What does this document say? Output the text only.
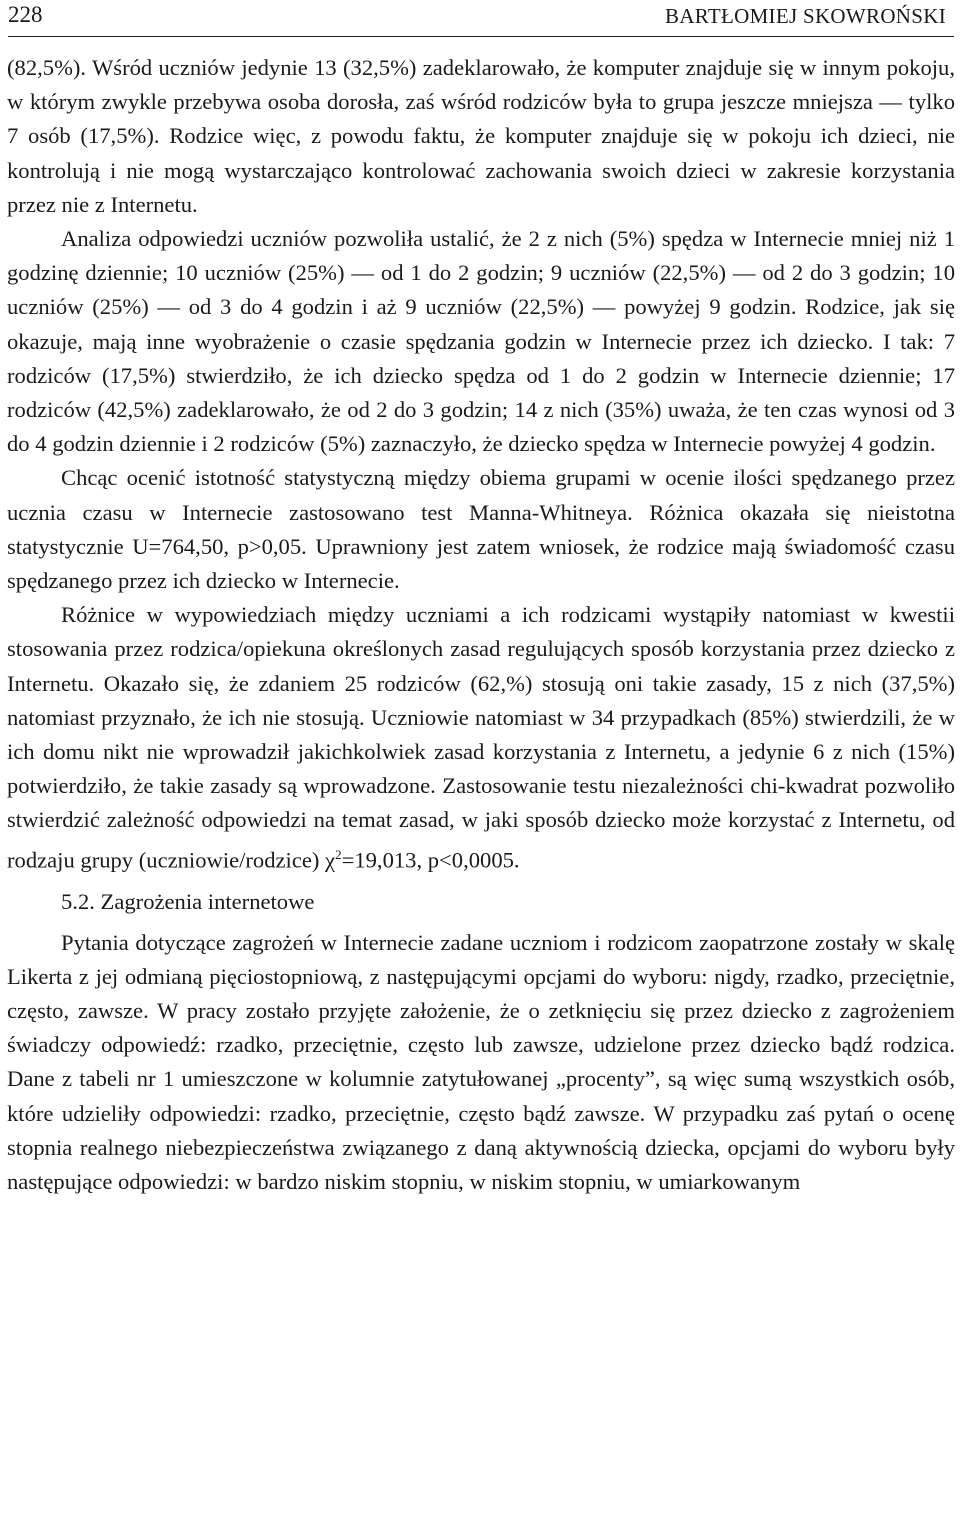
228	BARTŁOMIEJ SKOWROŃSKI

(82,5%). Wśród uczniów jedynie 13 (32,5%) zadeklarowało, że komputer znajduje się w innym pokoju, w którym zwykle przebywa osoba dorosła, zaś wśród rodziców była to grupa jeszcze mniejsza — tylko 7 osób (17,5%). Rodzice więc, z powodu faktu, że komputer znajduje się w pokoju ich dzieci, nie kontrolują i nie mogą wystarczająco kontrolować zachowania swoich dzieci w zakresie korzystania przez nie z Internetu.

Analiza odpowiedzi uczniów pozwoliła ustalić, że 2 z nich (5%) spędza w Internecie mniej niż 1 godzinę dziennie; 10 uczniów (25%) — od 1 do 2 godzin; 9 uczniów (22,5%) — od 2 do 3 godzin; 10 uczniów (25%) — od 3 do 4 godzin i aż 9 uczniów (22,5%) — powyżej 9 godzin. Rodzice, jak się okazuje, mają inne wyobrażenie o czasie spędzania godzin w Internecie przez ich dziecko. I tak: 7 rodziców (17,5%) stwierdziło, że ich dziecko spędza od 1 do 2 godzin w Internecie dziennie; 17 rodziców (42,5%) zadeklarowało, że od 2 do 3 godzin; 14 z nich (35%) uważa, że ten czas wynosi od 3 do 4 godzin dziennie i 2 rodziców (5%) zaznaczyło, że dziecko spędza w Internecie powyżej 4 godzin.

Chcąc ocenić istotność statystyczną między obiema grupami w ocenie ilości spędzanego przez ucznia czasu w Internecie zastosowano test Manna-Whitneya. Różnica okazała się nieistotna statystycznie U=764,50, p>0,05. Uprawniony jest zatem wniosek, że rodzice mają świadomość czasu spędzanego przez ich dziecko w Internecie.

Różnice w wypowiedziach między uczniami a ich rodzicami wystąpiły natomiast w kwestii stosowania przez rodzica/opiekuna określonych zasad regulujących sposób korzystania przez dziecko z Internetu. Okazało się, że zdaniem 25 rodziców (62,%) stosują oni takie zasady, 15 z nich (37,5%) natomiast przyznało, że ich nie stosują. Uczniowie natomiast w 34 przypadkach (85%) stwierdzili, że w ich domu nikt nie wprowadził jakichkolwiek zasad korzystania z Internetu, a jedynie 6 z nich (15%) potwierdziło, że takie zasady są wprowadzone. Zastosowanie testu niezależności chi-kwadrat pozwoliło stwierdzić zależność odpowiedzi na temat zasad, w jaki sposób dziecko może korzystać z Internetu, od rodzaju grupy (uczniowie/rodzice) $\chi^2=19,013$, p<0,0005.

5.2. Zagrożenia internetowe

Pytania dotyczące zagrożeń w Internecie zadane uczniom i rodzicom zaopatrzone zostały w skalę Likerta z jej odmianą pięciostopniową, z następującymi opcjami do wyboru: nigdy, rzadko, przeciętnie, często, zawsze. W pracy zostało przyjęte założenie, że o zetknięciu się przez dziecko z zagrożeniem świadczy odpowiedź: rzadko, przeciętnie, często lub zawsze, udzielone przez dziecko bądź rodzica. Dane z tabeli nr 1 umieszczone w kolumnie zatytułowanej „procenty”, są więc sumą wszystkich osób, które udzieliły odpowiedzi: rzadko, przeciętnie, często bądź zawsze. W przypadku zaś pytań o ocenę stopnia realnego niebezpieczeństwa związanego z daną aktywnością dziecka, opcjami do wyboru były następujące odpowiedzi: w bardzo niskim stopniu, w niskim stopniu, w umiarkowanym
